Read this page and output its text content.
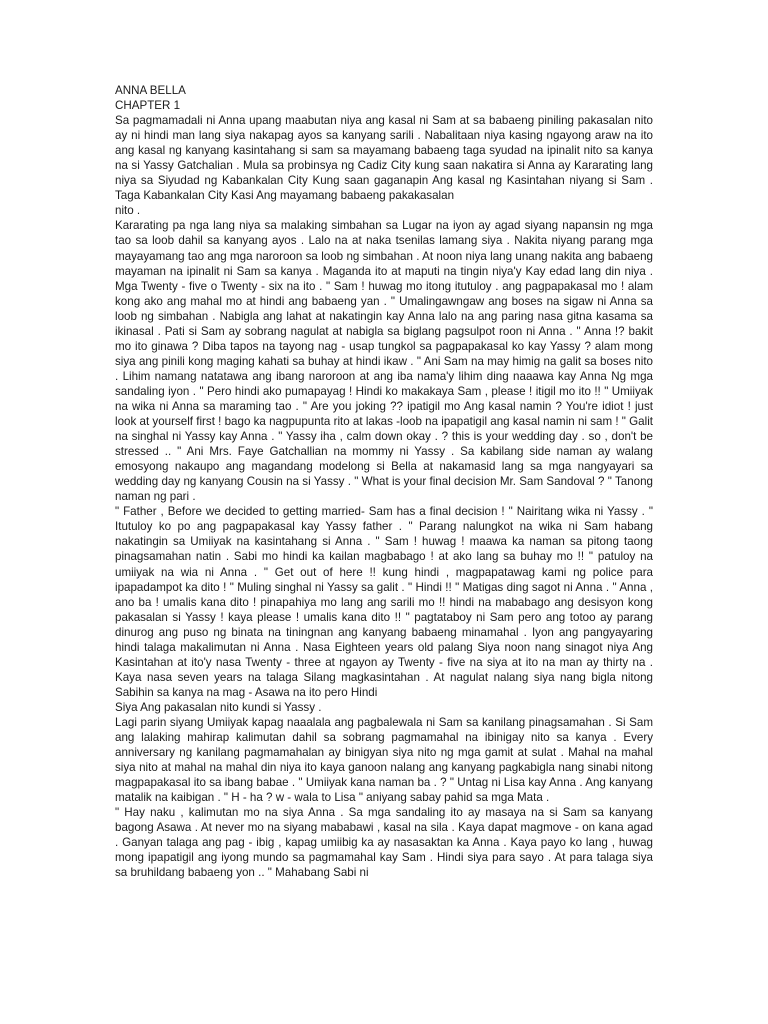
ANNA BELLA
CHAPTER 1
Sa pagmamadali ni Anna upang maabutan niya ang kasal ni Sam at sa babaeng piniling pakasalan nito ay ni hindi man lang siya nakapag ayos sa kanyang sarili . Nabalitaan niya kasing ngayong araw na ito ang kasal ng kanyang kasintahang si sam sa mayamang babaeng taga syudad na ipinalit nito sa kanya na si Yassy Gatchalian . Mula sa probinsya ng Cadiz City kung saan nakatira si Anna ay Kararating lang niya sa Siyudad ng Kabankalan City Kung saan gaganapin Ang kasal ng Kasintahan niyang si Sam . Taga Kabankalan City Kasi Ang mayamang babaeng pakakasalan
nito .
Kararating pa nga lang niya sa malaking simbahan sa Lugar na iyon ay agad siyang napansin ng mga tao sa loob dahil sa kanyang ayos . Lalo na at naka tsenilas lamang siya . Nakita niyang parang mga mayayamang tao ang mga naroroon sa loob ng simbahan . At noon niya lang unang nakita ang babaeng mayaman na ipinalit ni Sam sa kanya . Maganda ito at maputi na tingin niya'y Kay edad lang din niya . Mga Twenty - five o Twenty - six na ito . " Sam ! huwag mo itong itutuloy . ang pagpapakasal mo ! alam kong ako ang mahal mo at hindi ang babaeng yan . " Umalingawngaw ang boses na sigaw ni Anna sa loob ng simbahan . Nabigla ang lahat at nakatingin kay Anna lalo na ang paring nasa gitna kasama sa ikinasal . Pati si Sam ay sobrang nagulat at nabigla sa biglang pagsulpot roon ni Anna . " Anna !? bakit mo ito ginawa ? Diba tapos na tayong nag - usap tungkol sa pagpapakasal ko kay Yassy ? alam mong siya ang pinili kong maging kahati sa buhay at hindi ikaw . " Ani Sam na may himig na galit sa boses nito . Lihim namang natatawa ang ibang naroroon at ang iba nama'y lihim ding naaawa kay Anna Ng mga sandaling iyon . " Pero hindi ako pumapayag ! Hindi ko makakaya Sam , please ! itigil mo ito !! " Umiiyak na wika ni Anna sa maraming tao . " Are you joking ?? ipatigil mo Ang kasal namin ? You're idiot ! just look at yourself first ! bago ka nagpupunta rito at lakas -loob na ipapatigil ang kasal namin ni sam ! " Galit na singhal ni Yassy kay Anna . " Yassy iha , calm down okay . ? this is your wedding day . so , don't be stressed .. " Ani Mrs. Faye Gatchallian na mommy ni Yassy . Sa kabilang side naman ay walang emosyong nakaupo ang magandang modelong si Bella at nakamasid lang sa mga nangyayari sa wedding day ng kanyang Cousin na si Yassy . " What is your final decision Mr. Sam Sandoval ? " Tanong naman ng pari .
" Father , Before we decided to getting married- Sam has a final decision ! " Nairitang wika ni Yassy . " Itutuloy ko po ang pagpapakasal kay Yassy father . " Parang nalungkot na wika ni Sam habang nakatingin sa Umiiyak na kasintahang si Anna . " Sam ! huwag ! maawa ka naman sa pitong taong pinagsamahan natin . Sabi mo hindi ka kailan magbabago ! at ako lang sa buhay mo !! " patuloy na umiiyak na wia ni Anna . " Get out of here !! kung hindi , magpapatawag kami ng police para ipapadampot ka dito ! " Muling singhal ni Yassy sa galit . " Hindi !! " Matigas ding sagot ni Anna . " Anna , ano ba ! umalis kana dito ! pinapahiya mo lang ang sarili mo !! hindi na mababago ang desisyon kong pakasalan si Yassy ! kaya please ! umalis kana dito !! " pagtataboy ni Sam pero ang totoo ay parang dinurog ang puso ng binata na tiningnan ang kanyang babaeng minamahal . Iyon ang pangyayaring hindi talaga makalimutan ni Anna . Nasa Eighteen years old palang Siya noon nang sinagot niya Ang Kasintahan at ito'y nasa Twenty - three at ngayon ay Twenty - five na siya at ito na man ay thirty na . Kaya nasa seven years na talaga Silang magkasintahan . At nagulat nalang siya nang bigla nitong Sabihin sa kanya na mag - Asawa na ito pero Hindi
Siya Ang pakasalan nito kundi si Yassy .
Lagi parin siyang Umiiyak kapag naaalala ang pagbalewala ni Sam sa kanilang pinagsamahan . Si Sam ang lalaking mahirap kalimutan dahil sa sobrang pagmamahal na ibinigay nito sa kanya . Every anniversary ng kanilang pagmamahalan ay binigyan siya nito ng mga gamit at sulat . Mahal na mahal siya nito at mahal na mahal din niya ito kaya ganoon nalang ang kanyang pagkabigla nang sinabi nitong magpapakasal ito sa ibang babae . " Umiiyak kana naman ba . ? " Untag ni Lisa kay Anna . Ang kanyang matalik na kaibigan . " H - ha ? w - wala to Lisa " aniyang sabay pahid sa mga Mata .
" Hay naku , kalimutan mo na siya Anna . Sa mga sandaling ito ay masaya na si Sam sa kanyang bagong Asawa . At never mo na siyang mababawi , kasal na sila . Kaya dapat magmove - on kana agad . Ganyan talaga ang pag - ibig , kapag umiibig ka ay nasasaktan ka Anna . Kaya payo ko lang , huwag mong ipapatigil ang iyong mundo sa pagmamahal kay Sam . Hindi siya para sayo . At para talaga siya sa bruhildang babaeng yon .. " Mahabang Sabi ni
